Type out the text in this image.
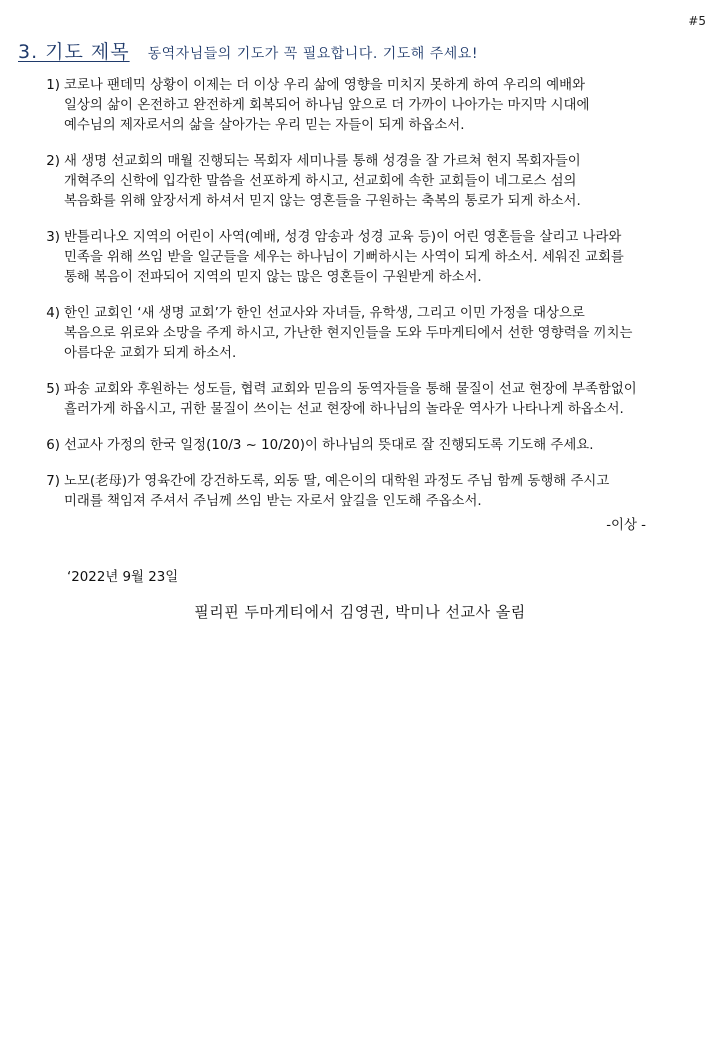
#5
3. 기도 제목 동역자님들의 기도가 꼭 필요합니다. 기도해 주세요!
1) 코로나 팬데믹 상황이 이제는 더 이상 우리 삶에 영향을 미치지 못하게 하여 우리의 예배와
일상의 삶이 온전하고 완전하게 회복되어 하나님 앞으로 더 가까이 나아가는 마지막 시대에
예수님의 제자로서의 삶을 살아가는 우리 믿는 자들이 되게 하옵소서.
2) 새 생명 선교회의 매월 진행되는 목회자 세미나를 통해 성경을 잘 가르쳐 현지 목회자들이
개혁주의 신학에 입각한 말씀을 선포하게 하시고, 선교회에 속한 교회들이 네그로스 섬의
복음화를 위해 앞장서게 하셔서 믿지 않는 영혼들을 구원하는 축복의 통로가 되게 하소서.
3) 반틀리나오 지역의 어린이 사역(예배, 성경 암송과 성경 교육 등)이 어린 영혼들을 살리고 나라와
민족을 위해 쓰임 받을 일군들을 세우는 하나님이 기뻐하시는 사역이 되게 하소서. 세워진 교회를
통해 복음이 전파되어 지역의 믿지 않는 많은 영혼들이 구원받게 하소서.
4) 한인 교회인 ‘새 생명 교회’가 한인 선교사와 자녀들, 유학생, 그리고 이민 가정을 대상으로
복음으로 위로와 소망을 주게 하시고, 가난한 현지인들을 도와 두마게티에서 선한 영향력을 끼치는
아름다운 교회가 되게 하소서.
5) 파송 교회와 후원하는 성도들, 협력 교회와 믿음의 동역자들을 통해 물질이 선교 현장에 부족함없이
흘러가게 하옵시고, 귀한 물질이 쓰이는 선교 현장에 하나님의 놀라운 역사가 나타나게 하옵소서.
6) 선교사 가정의 한국 일정(10/3 ~ 10/20)이 하나님의 뜻대로 잘 진행되도록 기도해 주세요.
7) 노모(老母)가 영육간에 강건하도록, 외동 딸, 예은이의 대학원 과정도 주님 함께 동행해 주시고
미래를 책임져 주셔서 주님께 쓰임 받는 자로서 앞길을 인도해 주옵소서.
-이상 -
‘2022년 9월 23일
필리핀 두마게티에서 김영권, 박미나 선교사 올림
